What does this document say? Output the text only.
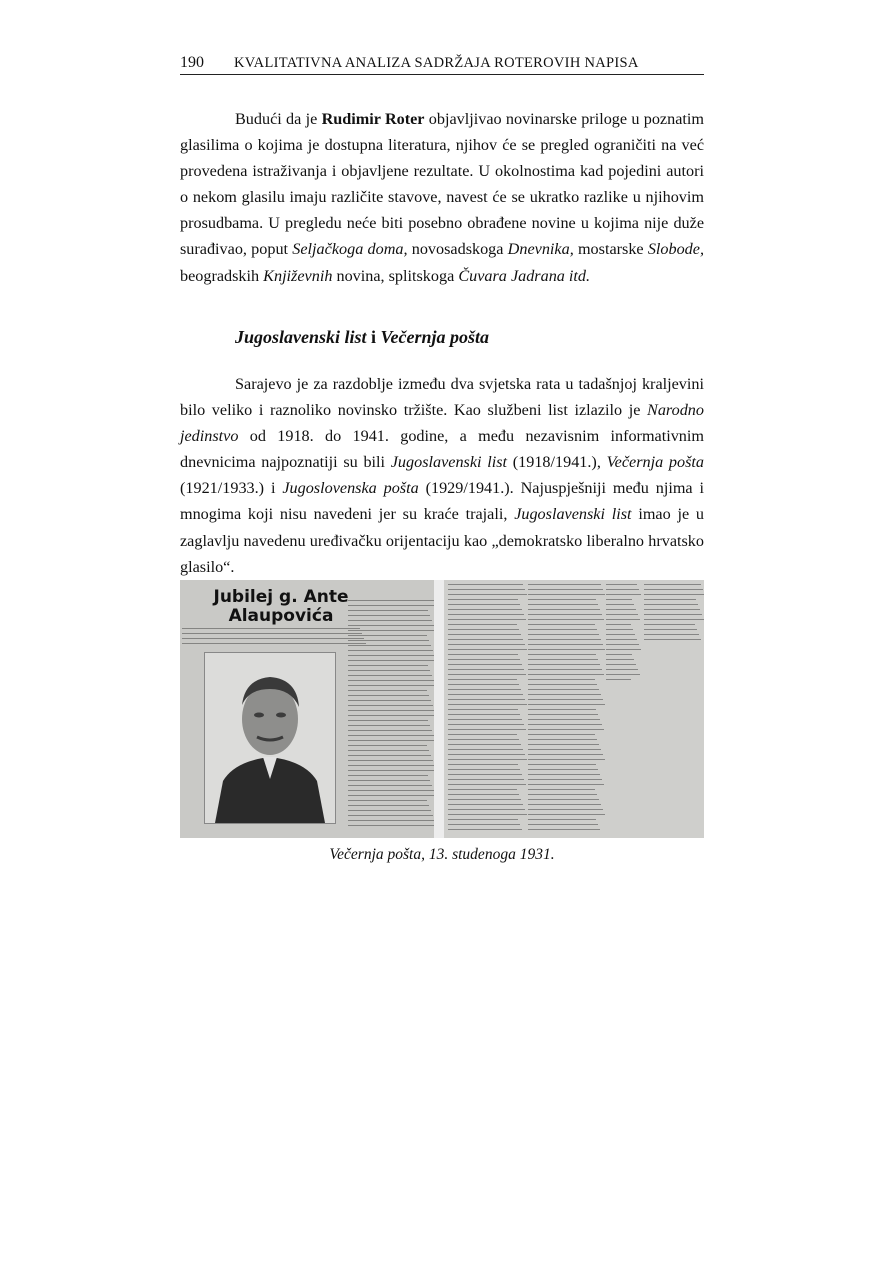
190 KVALITATIVNA ANALIZA SADRŽAJA ROTEROVIH NAPISA
Budući da je Rudimir Roter objavljivao novinarske priloge u poznatim glasilima o kojima je dostupna literatura, njihov će se pregled ograničiti na već provedena istraživanja i objavljene rezultate. U okolnostima kad pojedini autori o nekom glasilu imaju različite stavove, navest će se ukratko razlike u njihovim prosudbama. U pregledu neće biti posebno obrađene novine u kojima nije duže surađivao, poput Seljačkoga doma, novosadskoga Dnevnika, mostarske Slobode, beogradskih Književnih novina, splitskoga Čuvara Jadrana itd.
Jugoslavenski list i Večernja pošta
Sarajevo je za razdoblje između dva svjetska rata u tadašnjoj kraljevini bilo veliko i raznoliko novinsko tržište. Kao službeni list izlazilo je Narodno jedinstvo od 1918. do 1941. godine, a među nezavisnim informativnim dnevnicima najpoznatiji su bili Jugoslavenski list (1918/1941.), Večernja pošta (1921/1933.) i Jugoslovenska pošta (1929/1941.). Najuspješniji među njima i mnogima koji nisu navedeni jer su kraće trajali, Jugoslavenski list imao je u zaglavlju navedenu uređivačku orijentaciju kao „demokratsko liberalno hrvatsko glasilo“.
Jubilej g. Ante
Alaupovića
Večernja pošta, 13. studenoga 1931.
